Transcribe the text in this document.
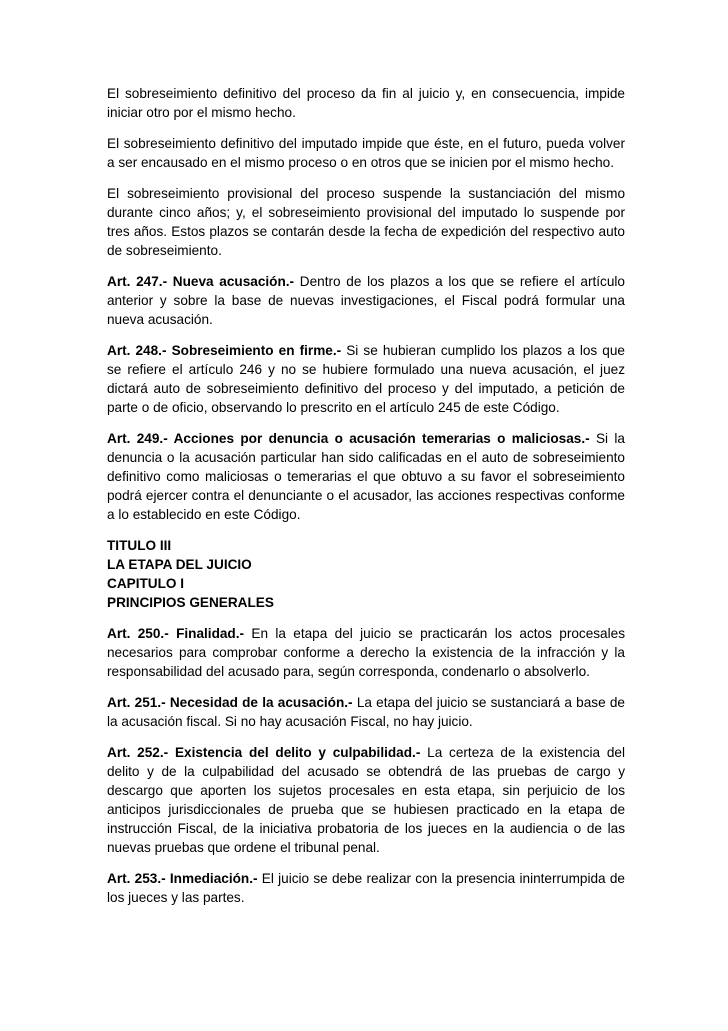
El sobreseimiento definitivo del proceso da fin al juicio y, en consecuencia, impide iniciar otro por el mismo hecho.

El sobreseimiento definitivo del imputado impide que éste, en el futuro, pueda volver a ser encausado en el mismo proceso o en otros que se inicien por el mismo hecho.

El sobreseimiento provisional del proceso suspende la sustanciación del mismo durante cinco años; y, el sobreseimiento provisional del imputado lo suspende por tres años. Estos plazos se contarán desde la fecha de expedición del respectivo auto de sobreseimiento.

Art. 247.- Nueva acusación.- Dentro de los plazos a los que se refiere el artículo anterior y sobre la base de nuevas investigaciones, el Fiscal podrá formular una nueva acusación.

Art. 248.- Sobreseimiento en firme.- Si se hubieran cumplido los plazos a los que se refiere el artículo 246 y no se hubiere formulado una nueva acusación, el juez dictará auto de sobreseimiento definitivo del proceso y del imputado, a petición de parte o de oficio, observando lo prescrito en el artículo 245 de este Código.

Art. 249.- Acciones por denuncia o acusación temerarias o maliciosas.- Si la denuncia o la acusación particular han sido calificadas en el auto de sobreseimiento definitivo como maliciosas o temerarias el que obtuvo a su favor el sobreseimiento podrá ejercer contra el denunciante o el acusador, las acciones respectivas conforme a lo establecido en este Código.

TITULO III
LA ETAPA DEL JUICIO
CAPITULO I
PRINCIPIOS GENERALES

Art. 250.- Finalidad.- En la etapa del juicio se practicarán los actos procesales necesarios para comprobar conforme a derecho la existencia de la infracción y la responsabilidad del acusado para, según corresponda, condenarlo o absolverlo.

Art. 251.- Necesidad de la acusación.- La etapa del juicio se sustanciará a base de la acusación fiscal. Si no hay acusación Fiscal, no hay juicio.

Art. 252.- Existencia del delito y culpabilidad.- La certeza de la existencia del delito y de la culpabilidad del acusado se obtendrá de las pruebas de cargo y descargo que aporten los sujetos procesales en esta etapa, sin perjuicio de los anticipos jurisdiccionales de prueba que se hubiesen practicado en la etapa de instrucción Fiscal, de la iniciativa probatoria de los jueces en la audiencia o de las nuevas pruebas que ordene el tribunal penal.

Art. 253.- Inmediación.- El juicio se debe realizar con la presencia ininterrumpida de los jueces y las partes.
